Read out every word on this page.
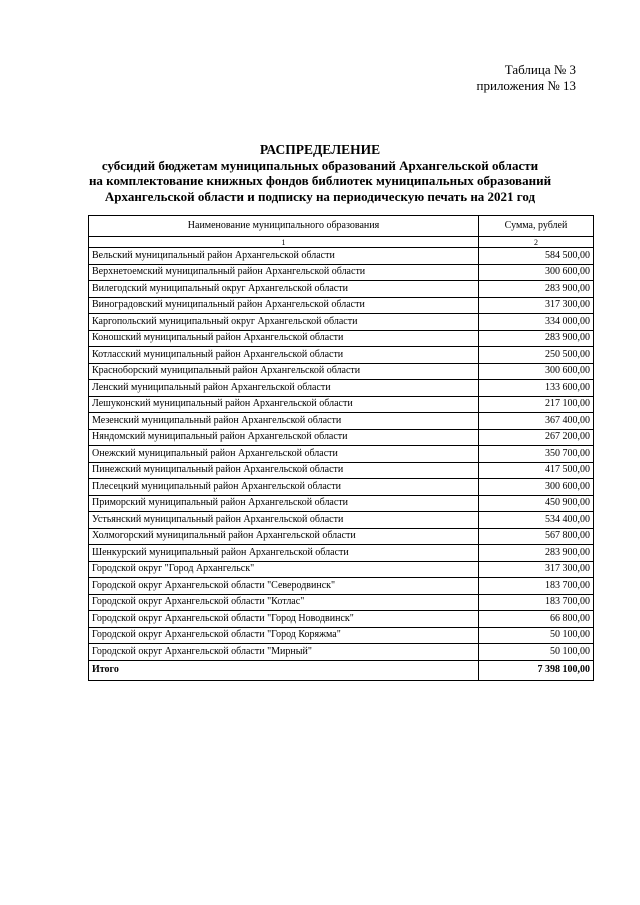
Таблица № 3
приложения № 13
РАСПРЕДЕЛЕНИЕ
субсидий бюджетам муниципальных образований Архангельской области
на комплектование книжных фондов библиотек муниципальных образований
Архангельской области и подписку на периодическую печать на 2021 год
Наименование муниципального образования	Сумма, рублей
1	2
Вельский муниципальный район Архангельской области	584 500,00
Верхнетоемский муниципальный район Архангельской области	300 600,00
Вилегодский муниципальный округ Архангельской области	283 900,00
Виноградовский муниципальный район Архангельской области	317 300,00
Каргопольский муниципальный округ Архангельской области	334 000,00
Коношский муниципальный район Архангельской области	283 900,00
Котласский муниципальный район Архангельской области	250 500,00
Красноборский муниципальный район Архангельской области	300 600,00
Ленский муниципальный район Архангельской области	133 600,00
Лешуконский муниципальный район Архангельской области	217 100,00
Мезенский муниципальный район Архангельской области	367 400,00
Няндомский муниципальный район Архангельской области	267 200,00
Онежский муниципальный район Архангельской области	350 700,00
Пинежский муниципальный район Архангельской области	417 500,00
Плесецкий муниципальный район Архангельской области	300 600,00
Приморский муниципальный район Архангельской области	450 900,00
Устьянский муниципальный район Архангельской области	534 400,00
Холмогорский муниципальный район Архангельской области	567 800,00
Шенкурский муниципальный район Архангельской области	283 900,00
Городской округ "Город Архангельск"	317 300,00
Городской округ Архангельской области "Северодвинск"	183 700,00
Городской округ Архангельской области "Котлас"	183 700,00
Городской округ Архангельской области "Город Новодвинск"	66 800,00
Городской округ Архангельской области "Город Коряжма"	50 100,00
Городской округ Архангельской области "Мирный"	50 100,00
Итого	7 398 100,00
